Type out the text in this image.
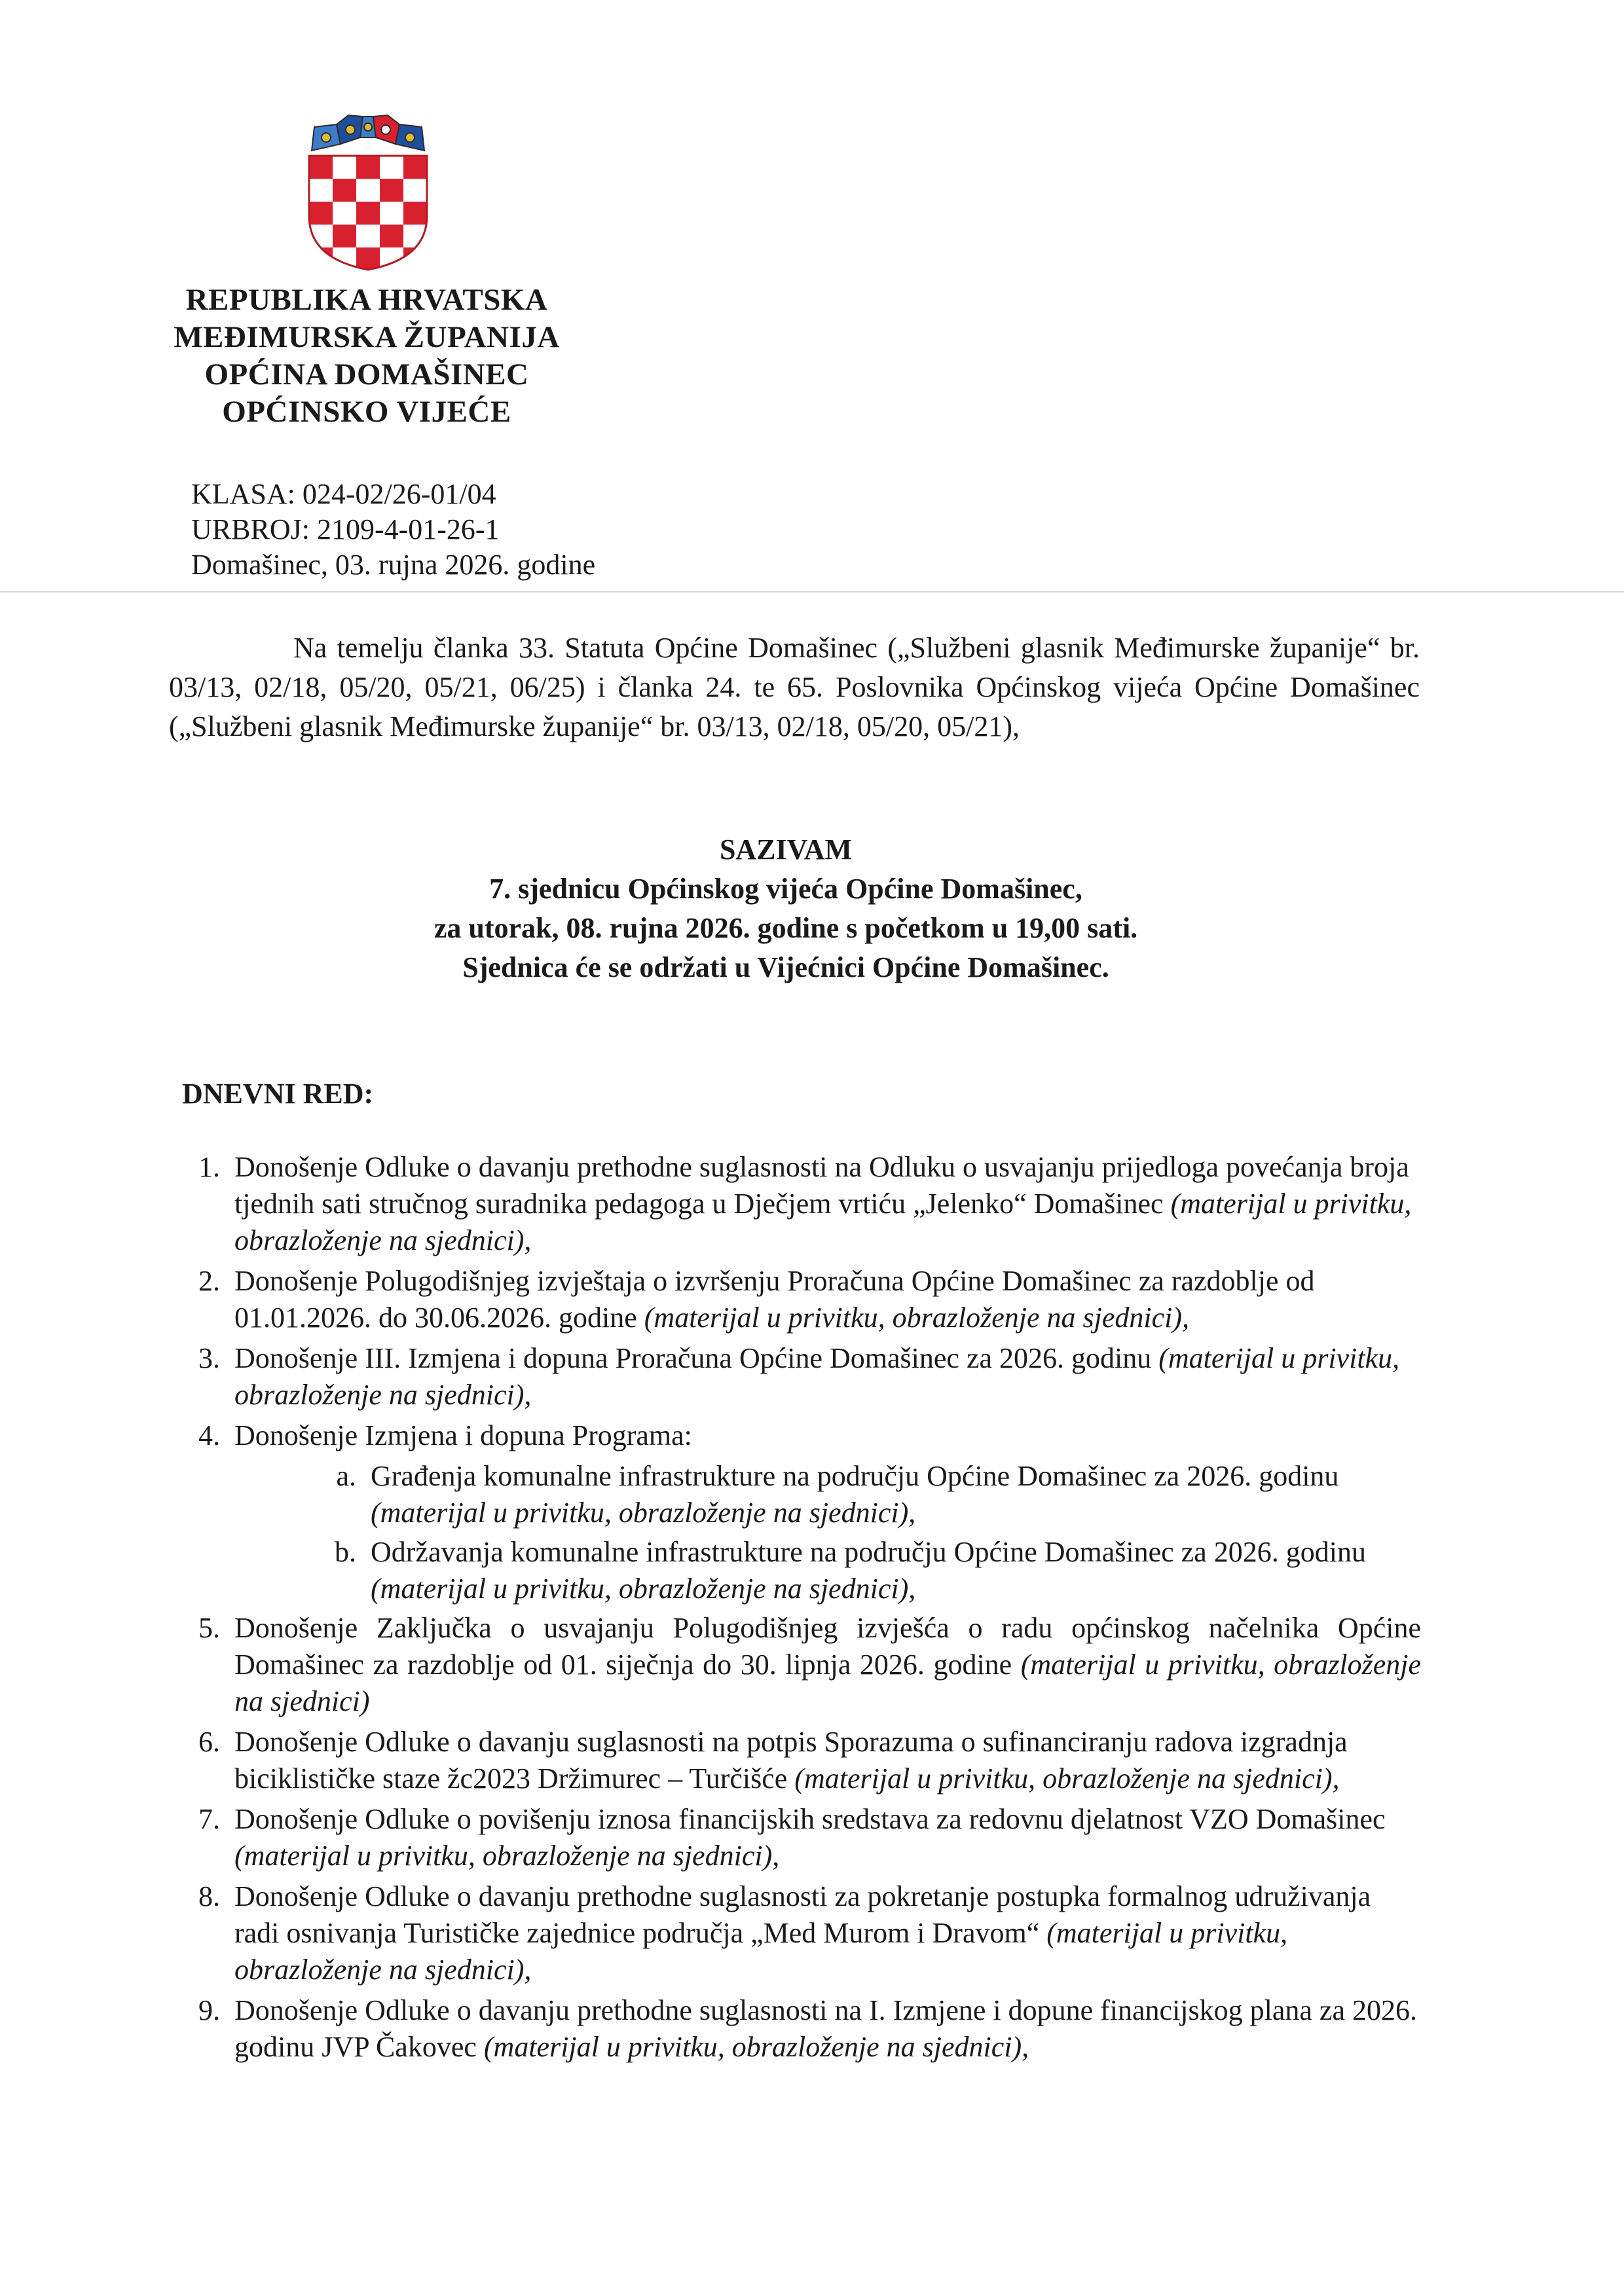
REPUBLIKA HRVATSKA
MEĐIMURSKA ŽUPANIJA
OPĆINA DOMAŠINEC
OPĆINSKO VIJEĆE
KLASA: 024-02/26-01/04
URBROJ: 2109-4-01-26-1
Domašinec, 03. rujna 2026. godine
Na temelju članka 33. Statuta Općine Domašinec („Službeni glasnik Međimurske županije“ br. 03/13, 02/18, 05/20, 05/21, 06/25) i članka 24. te 65. Poslovnika Općinskog vijeća Općine Domašinec („Službeni glasnik Međimurske županije“ br. 03/13, 02/18, 05/20, 05/21),
SAZIVAM
7. sjednicu Općinskog vijeća Općine Domašinec,
za utorak, 08. rujna 2026. godine s početkom u 19,00 sati.
Sjednica će se održati u Vijećnici Općine Domašinec.
DNEVNI RED:
1. Donošenje Odluke o davanju prethodne suglasnosti na Odluku o usvajanju prijedloga povećanja broja tjednih sati stručnog suradnika pedagoga u Dječjem vrtiću „Jelenko“ Domašinec (materijal u privitku, obrazloženje na sjednici),
2. Donošenje Polugodišnjeg izvještaja o izvršenju Proračuna Općine Domašinec za razdoblje od 01.01.2026. do 30.06.2026. godine (materijal u privitku, obrazloženje na sjednici),
3. Donošenje III. Izmjena i dopuna Proračuna Općine Domašinec za 2026. godinu (materijal u privitku, obrazloženje na sjednici),
4. Donošenje Izmjena i dopuna Programa:
a. Građenja komunalne infrastrukture na području Općine Domašinec za 2026. godinu (materijal u privitku, obrazloženje na sjednici),
b. Održavanja komunalne infrastrukture na području Općine Domašinec za 2026. godinu (materijal u privitku, obrazloženje na sjednici),
5. Donošenje Zaključka o usvajanju Polugodišnjeg izvješća o radu općinskog načelnika Općine Domašinec za razdoblje od 01. siječnja do 30. lipnja 2026. godine (materijal u privitku, obrazloženje na sjednici)
6. Donošenje Odluke o davanju suglasnosti na potpis Sporazuma o sufinanciranju radova izgradnja biciklističke staze žc2023 Držimurec – Turčišće (materijal u privitku, obrazloženje na sjednici),
7. Donošenje Odluke o povišenju iznosa financijskih sredstava za redovnu djelatnost VZO Domašinec (materijal u privitku, obrazloženje na sjednici),
8. Donošenje Odluke o davanju prethodne suglasnosti za pokretanje postupka formalnog udruživanja radi osnivanja Turističke zajednice područja „Med Murom i Dravom“ (materijal u privitku, obrazloženje na sjednici),
9. Donošenje Odluke o davanju prethodne suglasnosti na I. Izmjene i dopune financijskog plana za 2026. godinu JVP Čakovec (materijal u privitku, obrazloženje na sjednici),
